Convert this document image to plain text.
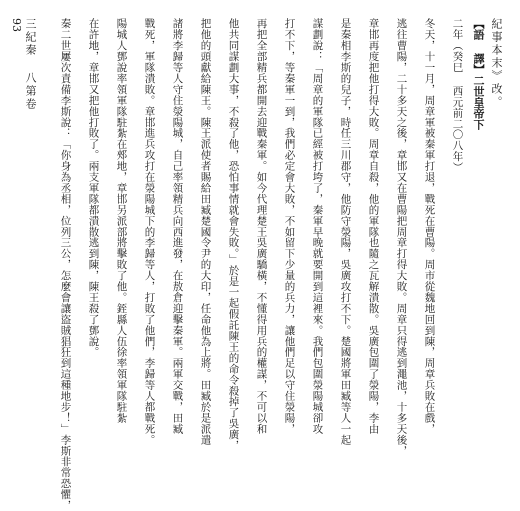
93 三紀秦 八第卷	紀事本末》改。
【語 譯】二世皇帝下
二年（癸巳 西元前二〇八年）
冬天，十一月，周章軍被秦軍打退，戰死在曹陽。周市從魏地回到陳，周章兵敗在戲，
逃往曹陽，二十多天之後，章邯又在曹陽把周章打得大敗。周章只得逃到澠池，十多天後，
章邯再度把他打得大敗。周章自殺，他的軍隊也隨之瓦解潰散。吳廣包圍了滎陽，李由
是秦相李斯的兒子，時任三川郡守，他防守滎陽，吳廣攻打不下。楚國將軍田臧等人一起
謀劃說：「周章的軍隊已經被打垮了，秦軍早晚就要開到這裡來。我們包圍滎陽城卻攻
打不下，等秦軍一到，我們必定會大敗，不如留下少量的兵力，讓他們足以守住滎陽，
再把全部精兵都開去迎戰秦軍。如今代理楚王吳廣驕橫，不懂得用兵的權謀，不可以和
他共同謀劃大事，不殺了他，恐怕事情就會失敗。」於是一起假託陳王的命令殺掉了吳廣，
把他的頭獻給陳王。陳王派使者賜給田臧楚國令尹的大印，任命他為上將。田臧於是派遣
諸將李歸等人守住滎陽城，自己率領精兵向西進發，在敖倉迎擊秦軍。兩軍交戰，田臧
戰死，軍隊潰敗。章邯進兵攻打在滎陽城下的李歸等人，打敗了他們，李歸等人都戰死。
陽城人鄧說率領軍隊駐紮在郟地，章邯另派部將擊敗了他。銍縣人伍徐率領軍隊駐紮
在許地，章邯又把他打敗了。兩支軍隊都潰散逃到陳，陳王殺了鄧說。
秦二世屢次責備李斯說：「你身為丞相，位列三公，怎麼會讓盜賊猖狂到這種地步！」李斯非常恐懼，
